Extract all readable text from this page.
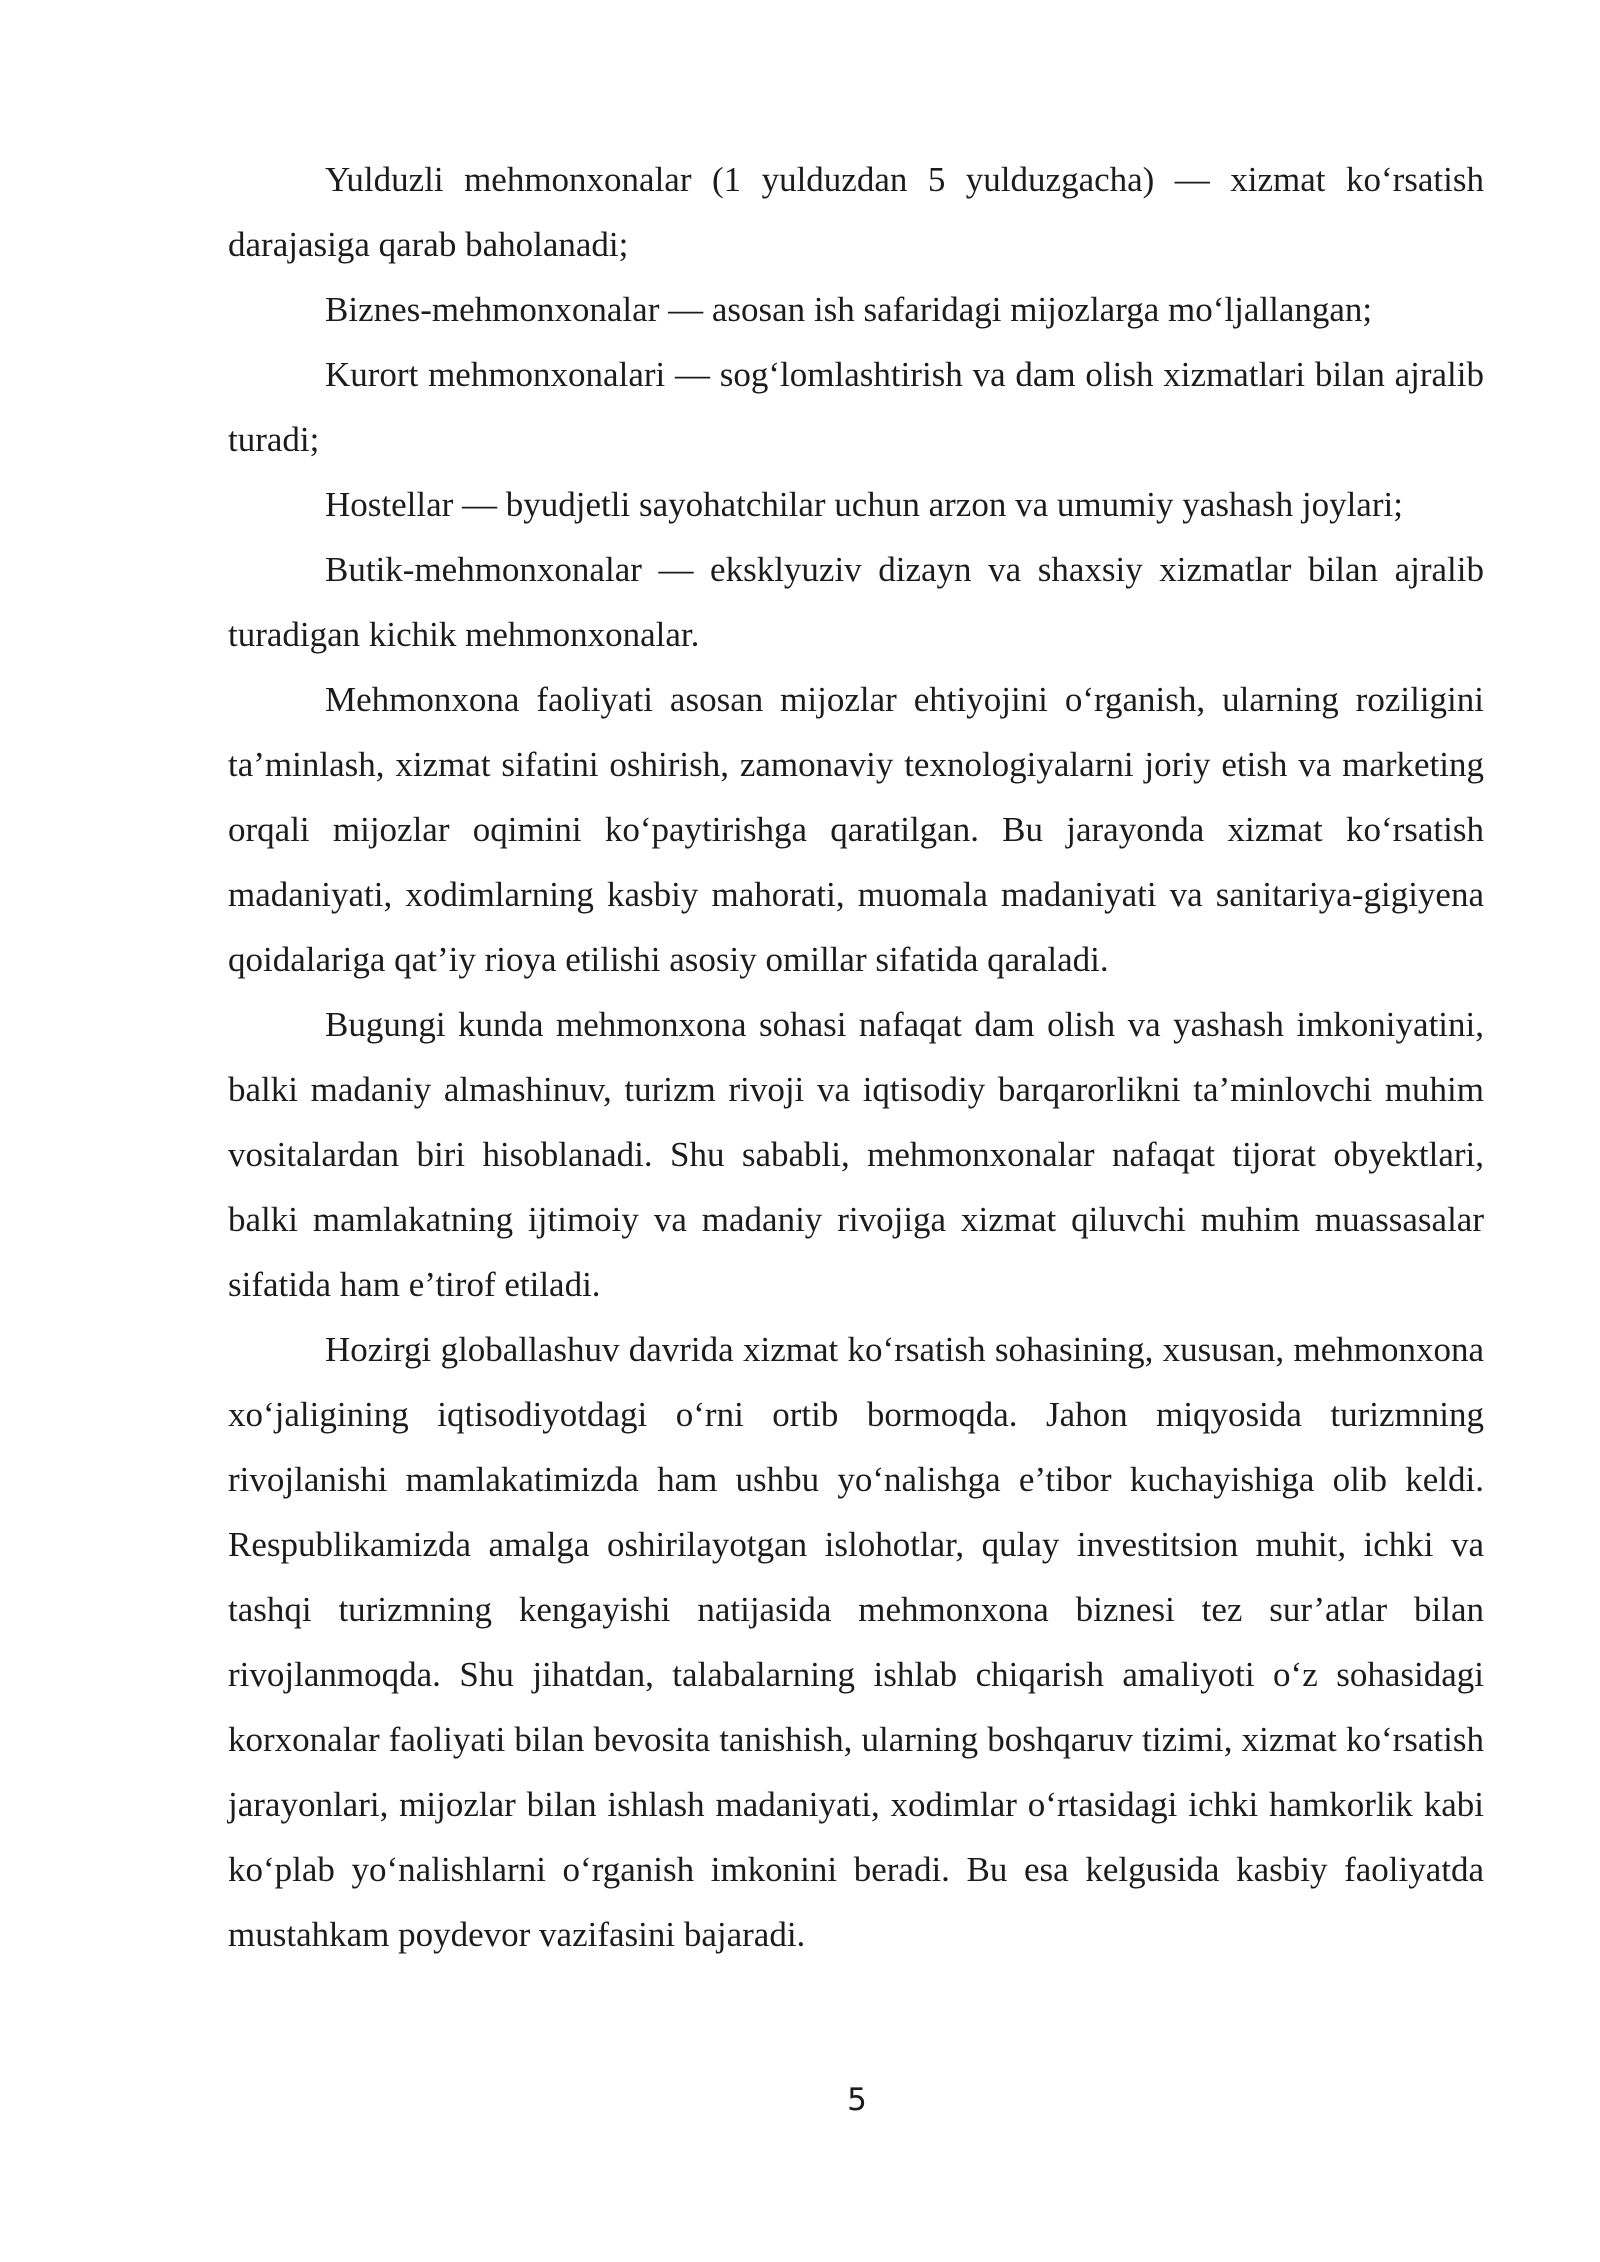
Yulduzli mehmonxonalar (1 yulduzdan 5 yulduzgacha) — xizmat koʻrsatish darajasiga qarab baholanadi;

Biznes-mehmonxonalar — asosan ish safaridagi mijozlarga moʻljallangan;

Kurort mehmonxonalari — sogʻlomlashtirish va dam olish xizmatlari bilan ajralib turadi;

Hostellar — byudjetli sayohatchilar uchun arzon va umumiy yashash joylari;

Butik-mehmonxonalar — eksklyuziv dizayn va shaxsiy xizmatlar bilan ajralib turadigan kichik mehmonxonalar.

Mehmonxona faoliyati asosan mijozlar ehtiyojini oʻrganish, ularning roziligini ta’minlash, xizmat sifatini oshirish, zamonaviy texnologiyalarni joriy etish va marketing orqali mijozlar oqimini koʻpaytirishga qaratilgan. Bu jarayonda xizmat koʻrsatish madaniyati, xodimlarning kasbiy mahorati, muomala madaniyati va sanitariya-gigiyena qoidalariga qat’iy rioya etilishi asosiy omillar sifatida qaraladi.

Bugungi kunda mehmonxona sohasi nafaqat dam olish va yashash imkoniyatini, balki madaniy almashinuv, turizm rivoji va iqtisodiy barqarorlikni ta’minlovchi muhim vositalardan biri hisoblanadi. Shu sababli, mehmonxonalar nafaqat tijorat obyektlari, balki mamlakatning ijtimoiy va madaniy rivojiga xizmat qiluvchi muhim muassasalar sifatida ham e’tirof etiladi.

Hozirgi globallashuv davrida xizmat koʻrsatish sohasining, xususan, mehmonxona xoʻjaligining iqtisodiyotdagi oʻrni ortib bormoqda. Jahon miqyosida turizmning rivojlanishi mamlakatimizda ham ushbu yoʻnalishga e’tibor kuchayishiga olib keldi. Respublikamizda amalga oshirilayotgan islohotlar, qulay investitsion muhit, ichki va tashqi turizmning kengayishi natijasida mehmonxona biznesi tez sur’atlar bilan rivojlanmoqda. Shu jihatdan, talabalarning ishlab chiqarish amaliyoti oʻz sohasidagi korxonalar faoliyati bilan bevosita tanishish, ularning boshqaruv tizimi, xizmat koʻrsatish jarayonlari, mijozlar bilan ishlash madaniyati, xodimlar oʻrtasidagi ichki hamkorlik kabi koʻplab yoʻnalishlarni oʻrganish imkonini beradi. Bu esa kelgusida kasbiy faoliyatda mustahkam poydevor vazifasini bajaradi.

5
